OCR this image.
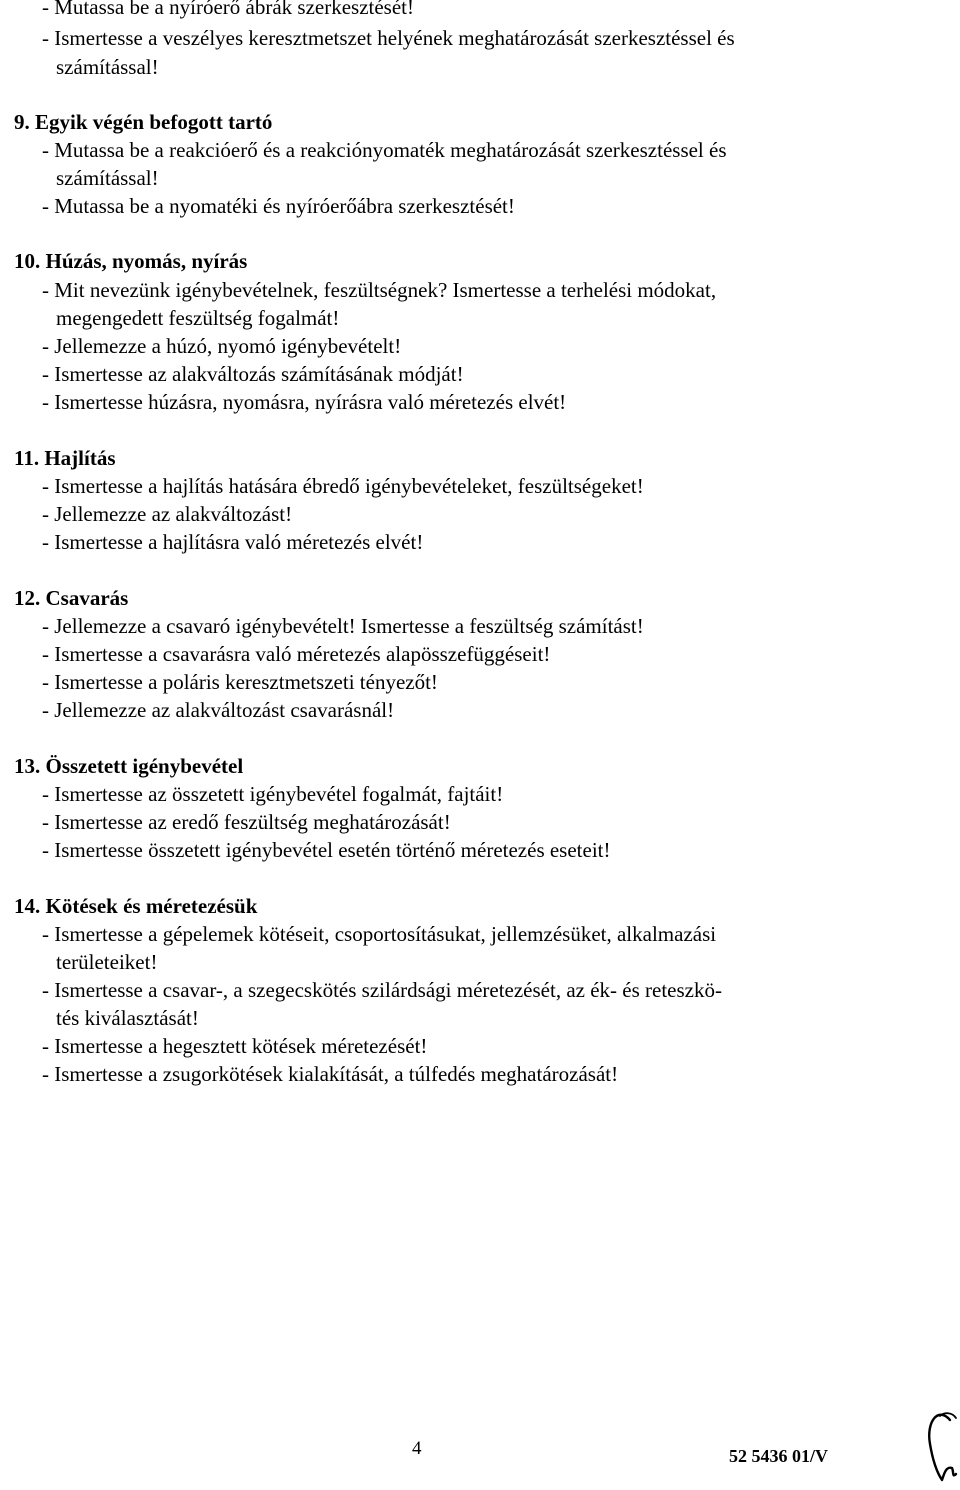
- Mutassa be a nyíróerő ábrák szerkesztését!
- Ismertesse a veszélyes keresztmetszet helyének meghatározását szerkesztéssel és
számítással!
9. Egyik végén befogott tartó
- Mutassa be a reakcióerő és a reakciónyomaték meghatározását szerkesztéssel és
számítással!
- Mutassa be a nyomatéki és nyíróerőábra szerkesztését!
10. Húzás, nyomás, nyírás
- Mit nevezünk igénybevételnek, feszültségnek? Ismertesse a terhelési módokat,
megengedett feszültség fogalmát!
- Jellemezze a húzó, nyomó igénybevételt!
- Ismertesse az alakváltozás számításának módját!
- Ismertesse húzásra, nyomásra, nyírásra való méretezés elvét!
11. Hajlítás
- Ismertesse a hajlítás hatására ébredő igénybevételeket, feszültségeket!
- Jellemezze az alakváltozást!
- Ismertesse a hajlításra való méretezés elvét!
12. Csavarás
- Jellemezze a csavaró igénybevételt! Ismertesse a feszültség számítást!
- Ismertesse a csavarásra való méretezés alapösszefüggéseit!
- Ismertesse a poláris keresztmetszeti tényezőt!
- Jellemezze az alakváltozást csavarásnál!
13. Összetett igénybevétel
- Ismertesse az összetett igénybevétel fogalmát, fajtáit!
- Ismertesse az eredő feszültség meghatározását!
- Ismertesse összetett igénybevétel esetén történő méretezés eseteit!
14. Kötések és méretezésük
- Ismertesse a gépelemek kötéseit, csoportosításukat, jellemzésüket, alkalmazási
területeiket!
- Ismertesse a csavar-, a szegecskötés szilárdsági méretezését, az ék- és reteszkö-
tés kiválasztását!
- Ismertesse a hegesztett kötések méretezését!
- Ismertesse a zsugorkötések kialakítását, a túlfedés meghatározását!
4	52 5436 01/V
